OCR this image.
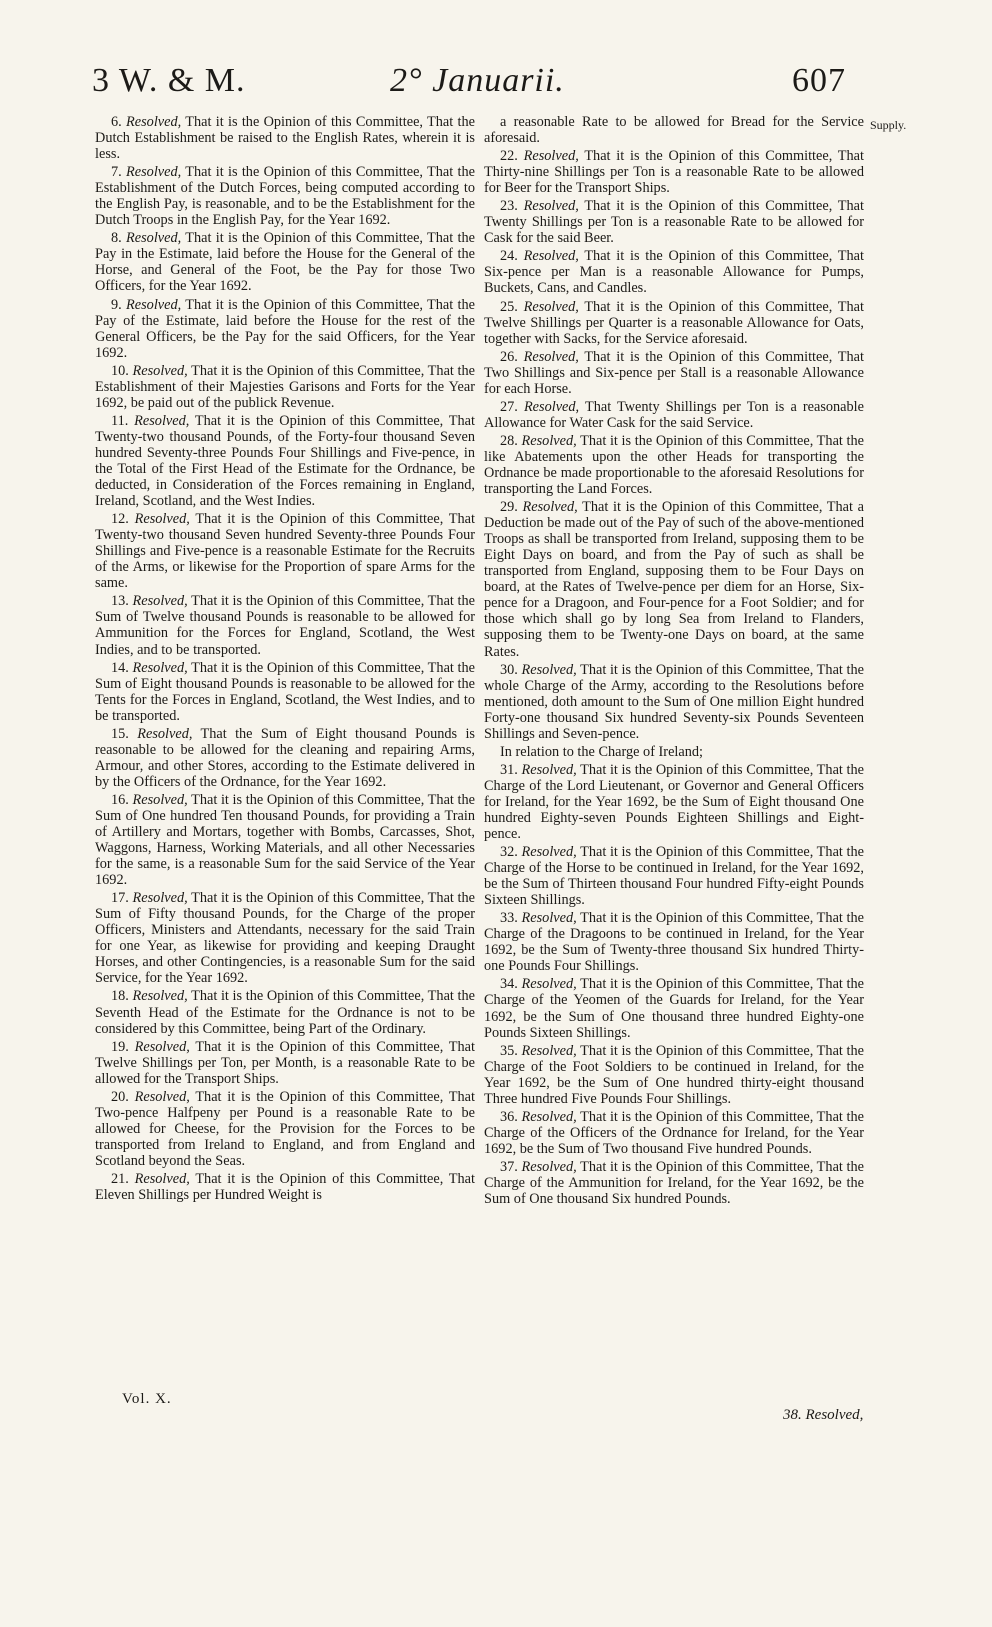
3 W. & M.	2° Januarii.	607
Supply.

6. Resolved, That it is the Opinion of this Committee, That the Dutch Establishment be raised to the English Rates, wherein it is less.

7. Resolved, That it is the Opinion of this Committee, That the Establishment of the Dutch Forces, being computed according to the English Pay, is reasonable, and to be the Establishment for the Dutch Troops in the English Pay, for the Year 1692.

8. Resolved, That it is the Opinion of this Committee, That the Pay in the Estimate, laid before the House for the General of the Horse, and General of the Foot, be the Pay for those Two Officers, for the Year 1692.

9. Resolved, That it is the Opinion of this Committee, That the Pay of the Estimate, laid before the House for the rest of the General Officers, be the Pay for the said Officers, for the Year 1692.

10. Resolved, That it is the Opinion of this Committee, That the Establishment of their Majesties Garisons and Forts for the Year 1692, be paid out of the publick Revenue.

11. Resolved, That it is the Opinion of this Committee, That Twenty-two thousand Pounds, of the Forty-four thousand Seven hundred Seventy-three Pounds Four Shillings and Five-pence, in the Total of the First Head of the Estimate for the Ordnance, be deducted, in Consideration of the Forces remaining in England, Ireland, Scotland, and the West Indies.

12. Resolved, That it is the Opinion of this Committee, That Twenty-two thousand Seven hundred Seventy-three Pounds Four Shillings and Five-pence is a reasonable Estimate for the Recruits of the Arms, or likewise for the Proportion of spare Arms for the same.

13. Resolved, That it is the Opinion of this Committee, That the Sum of Twelve thousand Pounds is reasonable to be allowed for Ammunition for the Forces for England, Scotland, the West Indies, and to be transported.

14. Resolved, That it is the Opinion of this Committee, That the Sum of Eight thousand Pounds is reasonable to be allowed for the Tents for the Forces in England, Scotland, the West Indies, and to be transported.

15. Resolved, That the Sum of Eight thousand Pounds is reasonable to be allowed for the cleaning and repairing Arms, Armour, and other Stores, according to the Estimate delivered in by the Officers of the Ordnance, for the Year 1692.

16. Resolved, That it is the Opinion of this Committee, That the Sum of One hundred Ten thousand Pounds, for providing a Train of Artillery and Mortars, together with Bombs, Carcasses, Shot, Waggons, Harness, Working Materials, and all other Necessaries for the same, is a reasonable Sum for the said Service of the Year 1692.

17. Resolved, That it is the Opinion of this Committee, That the Sum of Fifty thousand Pounds, for the Charge of the proper Officers, Ministers and Attendants, necessary for the said Train for one Year, as likewise for providing and keeping Draught Horses, and other Contingencies, is a reasonable Sum for the said Service, for the Year 1692.

18. Resolved, That it is the Opinion of this Committee, That the Seventh Head of the Estimate for the Ordnance is not to be considered by this Committee, being Part of the Ordinary.

19. Resolved, That it is the Opinion of this Committee, That Twelve Shillings per Ton, per Month, is a reasonable Rate to be allowed for the Transport Ships.

20. Resolved, That it is the Opinion of this Committee, That Two-pence Halfpeny per Pound is a reasonable Rate to be allowed for Cheese, for the Provision for the Forces to be transported from Ireland to England, and from England and Scotland beyond the Seas.

21. Resolved, That it is the Opinion of this Committee, That Eleven Shillings per Hundred Weight is

a reasonable Rate to be allowed for Bread for the Service aforesaid.

22. Resolved, That it is the Opinion of this Committee, That Thirty-nine Shillings per Ton is a reasonable Rate to be allowed for Beer for the Transport Ships.

23. Resolved, That it is the Opinion of this Committee, That Twenty Shillings per Ton is a reasonable Rate to be allowed for Cask for the said Beer.

24. Resolved, That it is the Opinion of this Committee, That Six-pence per Man is a reasonable Allowance for Pumps, Buckets, Cans, and Candles.

25. Resolved, That it is the Opinion of this Committee, That Twelve Shillings per Quarter is a reasonable Allowance for Oats, together with Sacks, for the Service aforesaid.

26. Resolved, That it is the Opinion of this Committee, That Two Shillings and Six-pence per Stall is a reasonable Allowance for each Horse.

27. Resolved, That Twenty Shillings per Ton is a reasonable Allowance for Water Cask for the said Service.

28. Resolved, That it is the Opinion of this Committee, That the like Abatements upon the other Heads for transporting the Ordnance be made proportionable to the aforesaid Resolutions for transporting the Land Forces.

29. Resolved, That it is the Opinion of this Committee, That a Deduction be made out of the Pay of such of the above-mentioned Troops as shall be transported from Ireland, supposing them to be Eight Days on board, and from the Pay of such as shall be transported from England, supposing them to be Four Days on board, at the Rates of Twelve-pence per diem for an Horse, Six-pence for a Dragoon, and Four-pence for a Foot Soldier; and for those which shall go by long Sea from Ireland to Flanders, supposing them to be Twenty-one Days on board, at the same Rates.

30. Resolved, That it is the Opinion of this Committee, That the whole Charge of the Army, according to the Resolutions before mentioned, doth amount to the Sum of One million Eight hundred Forty-one thousand Six hundred Seventy-six Pounds Seventeen Shillings and Seven-pence.

In relation to the Charge of Ireland;

31. Resolved, That it is the Opinion of this Committee, That the Charge of the Lord Lieutenant, or Governor and General Officers for Ireland, for the Year 1692, be the Sum of Eight thousand One hundred Eighty-seven Pounds Eighteen Shillings and Eight-pence.

32. Resolved, That it is the Opinion of this Committee, That the Charge of the Horse to be continued in Ireland, for the Year 1692, be the Sum of Thirteen thousand Four hundred Fifty-eight Pounds Sixteen Shillings.

33. Resolved, That it is the Opinion of this Committee, That the Charge of the Dragoons to be continued in Ireland, for the Year 1692, be the Sum of Twenty-three thousand Six hundred Thirty-one Pounds Four Shillings.

34. Resolved, That it is the Opinion of this Committee, That the Charge of the Yeomen of the Guards for Ireland, for the Year 1692, be the Sum of One thousand three hundred Eighty-one Pounds Sixteen Shillings.

35. Resolved, That it is the Opinion of this Committee, That the Charge of the Foot Soldiers to be continued in Ireland, for the Year 1692, be the Sum of One hundred thirty-eight thousand Three hundred Five Pounds Four Shillings.

36. Resolved, That it is the Opinion of this Committee, That the Charge of the Officers of the Ordnance for Ireland, for the Year 1692, be the Sum of Two thousand Five hundred Pounds.

37. Resolved, That it is the Opinion of this Committee, That the Charge of the Ammunition for Ireland, for the Year 1692, be the Sum of One thousand Six hundred Pounds.

Vol. X.
38. Resolved,
